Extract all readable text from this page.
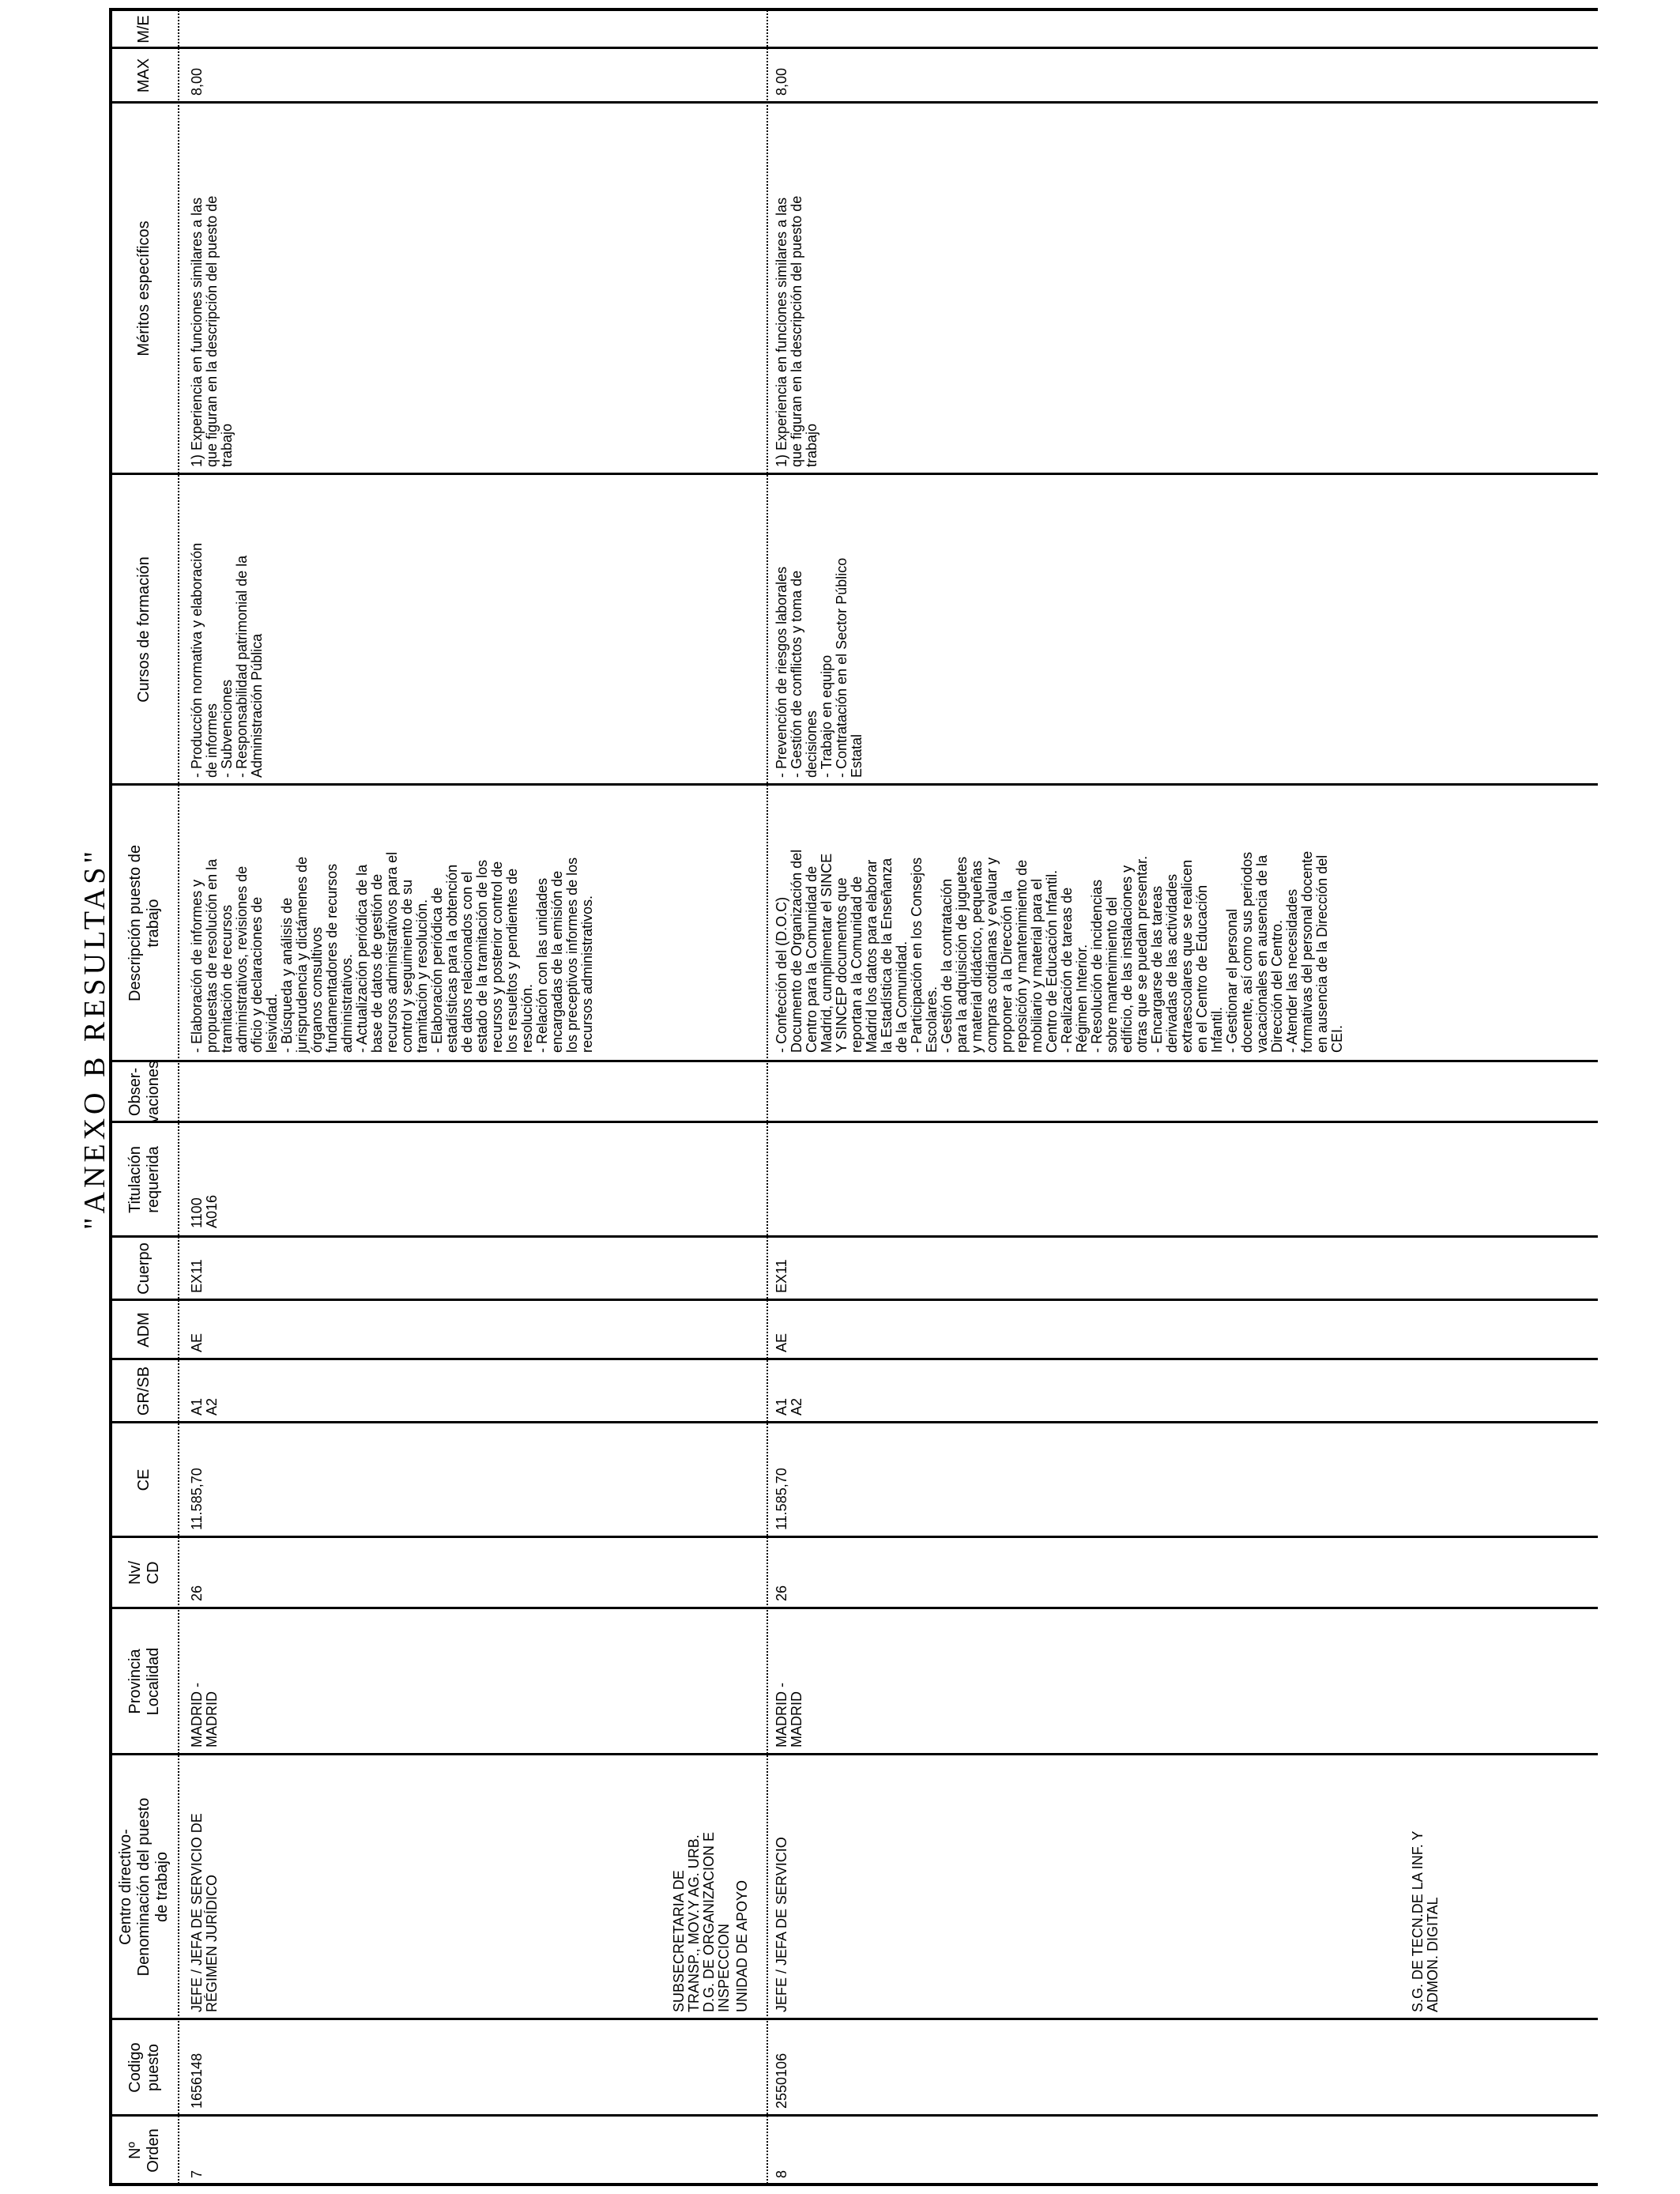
"ANEXO B RESULTAS"
Nº Orden
Codigo puesto
Centro directivo- Denominación del puesto de trabajo
Provincia Localidad
Nv/ CD
CE
GR/SB
ADM
Cuerpo
Titulación requerida
Obser- vaciones
Descripción puesto de trabajo
Cursos de formación
Méritos específicos
MAX
M/E
7
1656148
JEFE / JEFA DE SERVICIO DE
RÉGIMEN JURÍDICO
MADRID -
MADRID
26
11.585,70
A1
A2
AE
EX11
1100
A016
- Elaboración de informes y
propuestas de resolución en la
tramitación de recursos
administrativos, revisiones de
oficio y declaraciones de
lesividad.
- Búsqueda y análisis de
jurisprudencia y dictámenes de
órganos consultivos
fundamentadores de recursos
administrativos.
- Actualización periódica de la
base de datos de gestión de
recursos administrativos para el
control y seguimiento de su
tramitación y resolución.
- Elaboración periódica de
estadísticas para la obtención
de datos relacionados con el
estado de la tramitación de los
recursos y posterior control de
los resueltos y pendientes de
resolución.
- Relación con las unidades
encargadas de la emisión de
los preceptivos informes de los
recursos administrativos.
- Producción normativa y elaboración
de informes
- Subvenciones
- Responsabilidad patrimonial de la
Administración Pública
1) Experiencia en funciones similares a las
que figuran en la descripción del puesto de
trabajo
8,00
SUBSECRETARIA DE
TRANSP., MOV.Y AG. URB.
D.G. DE ORGANIZACION E
INSPECCION UNIDAD DE APOYO	S.G. DE TECN.DE LA INF. Y
ADMON. DIGITAL
8
2550106
JEFE / JEFA DE SERVICIO
MADRID -
MADRID
26
11.585,70
A1
A2
AE
EX11
- Confección del (D.O.C)
Documento de Organización del
Centro para la Comunidad de
Madrid, cumplimentar el SINCE
Y SINCEP documentos que
reportan a la Comunidad de
Madrid los datos para elaborar
la Estadística de la Enseñanza
de la Comunidad.
- Participación en los Consejos
Escolares.
- Gestión de la contratación
para la adquisición de juguetes
y material didáctico, pequeñas
compras cotidianas y evaluar y
proponer a la Dirección la
reposición y mantenimiento de
mobiliario y material para el
Centro de Educación Infantil.
- Realización de tareas de
Régimen Interior.
- Resolución de incidencias
sobre mantenimiento del
edificio, de las instalaciones y
otras que se puedan presentar.
- Encargarse de las tareas
derivadas de las actividades
extraescolares que se realicen
en el Centro de Educación
Infantil.
- Gestionar el personal
docente, así como sus periodos
vacacionales en ausencia de la
Dirección del Centro.
- Atender las necesidades
formativas del personal docente
en ausencia de la Dirección del
CEI.
- Prevención de riesgos laborales
- Gestión de conflictos y toma de
decisiones
- Trabajo en equipo
- Contratación en el Sector Público
Estatal
1) Experiencia en funciones similares a las
que figuran en la descripción del puesto de
trabajo
8,00
